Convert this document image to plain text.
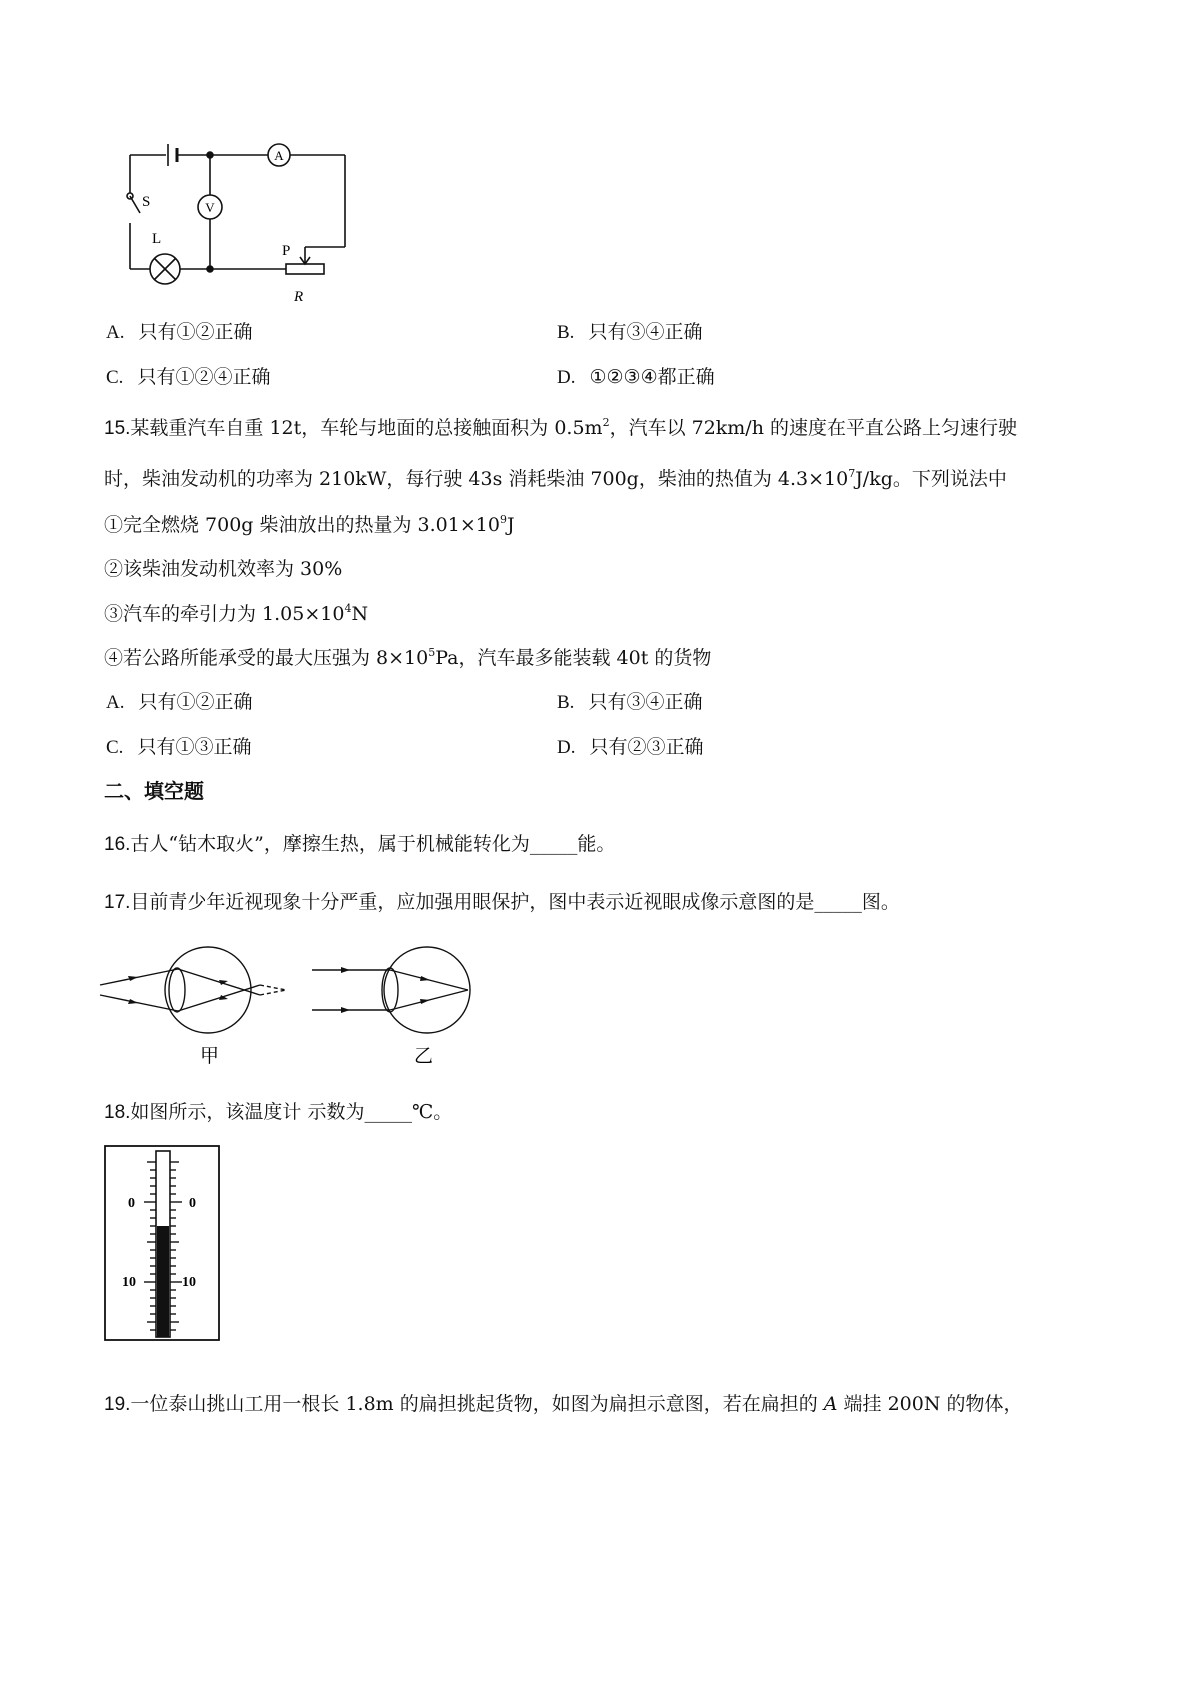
A
V
S
L
P
R
A. 只有①②正确	B. 只有③④正确
C. 只有①②④正确	D. ①②③④都正确
15.某载重汽车自重 12t，车轮与地面的总接触面积为 $0.5m^2$，汽车以 72km/h 的速度在平直公路上匀速行驶
时，柴油发动机的功率为 210kW，每行驶 43s 消耗柴油 700g，柴油的热值为 $4.3\times 10^7J/kg$。下列说法中
①完全燃烧 700g 柴油放出的热量为 $3.01\times 10^9J$
②该柴油发动机效率为 30%
③汽车的牵引力为 $1.05\times 10^4N$
④若公路所能承受的最大压强为 $8\times 10^5Pa$，汽车最多能装载 40t 的货物
A. 只有①②正确	B. 只有③④正确
C. 只有①③正确	D. 只有②③正确
二、填空题
16.古人“钻木取火”，摩擦生热，属于机械能转化为_____能。
17.目前青少年近视现象十分严重，应加强用眼保护，图中表示近视眼成像示意图的是_____图。
甲	乙
18.如图所示，该温度计 示数为_____℃。
0	0
10	10
19.一位泰山挑山工用一根长 1.8m 的扁担挑起货物，如图为扁担示意图，若在扁担的 A 端挂 200N 的物体，
